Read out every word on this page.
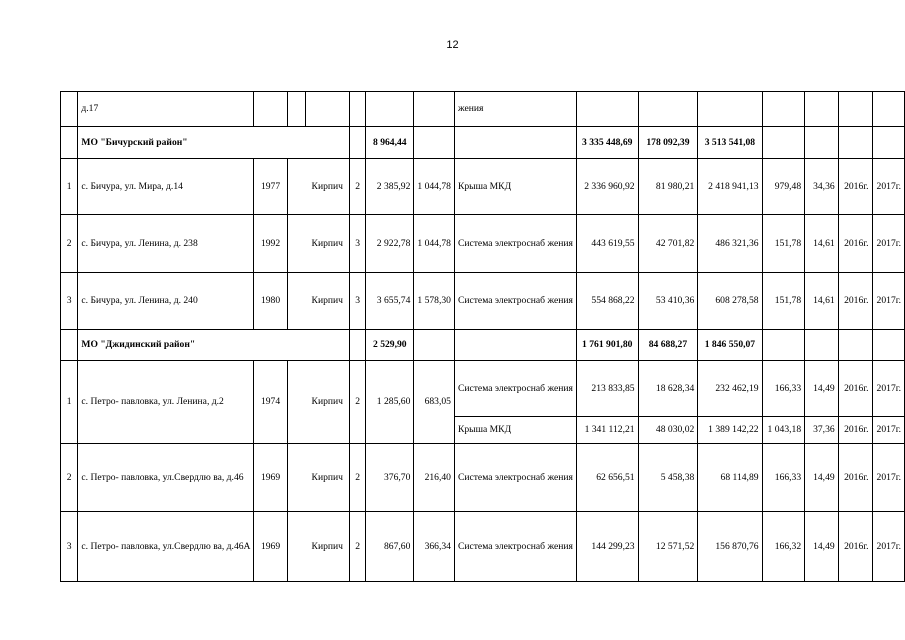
12
	д.17							жения							
	МО "Бичурский район"					8 964,44			3 335 448,69	178 092,39	3 513 541,08				
1	с. Бичура, ул. Мира, д.14	1977		Кирпич	2	2 385,92	1 044,78	Крыша МКД	2 336 960,92	81 980,21	2 418 941,13	979,48	34,36	2016г.	2017г.
2	с. Бичура, ул. Ленина, д. 238	1992		Кирпич	3	2 922,78	1 044,78	Система электроснаб жения	443 619,55	42 701,82	486 321,36	151,78	14,61	2016г.	2017г.
3	с. Бичура, ул. Ленина, д. 240	1980		Кирпич	3	3 655,74	1 578,30	Система электроснаб жения	554 868,22	53 410,36	608 278,58	151,78	14,61	2016г.	2017г.
	МО "Джидинский район"					2 529,90			1 761 901,80	84 688,27	1 846 550,07				
1	с. Петро- павловка, ул. Ленина, д.2	1974		Кирпич	2	1 285,60	683,05	Система электроснаб жения	213 833,85	18 628,34	232 462,19	166,33	14,49	2016г.	2017г.
								Крыша МКД	1 341 112,21	48 030,02	1 389 142,22	1 043,18	37,36	2016г.	2017г.
2	с. Петро- павловка, ул.Свердлю ва, д.46	1969		Кирпич	2	376,70	216,40	Система электроснаб жения	62 656,51	5 458,38	68 114,89	166,33	14,49	2016г.	2017г.
3	с. Петро- павловка, ул.Свердлю ва, д.46А	1969		Кирпич	2	867,60	366,34	Система электроснаб жения	144 299,23	12 571,52	156 870,76	166,32	14,49	2016г.	2017г.
